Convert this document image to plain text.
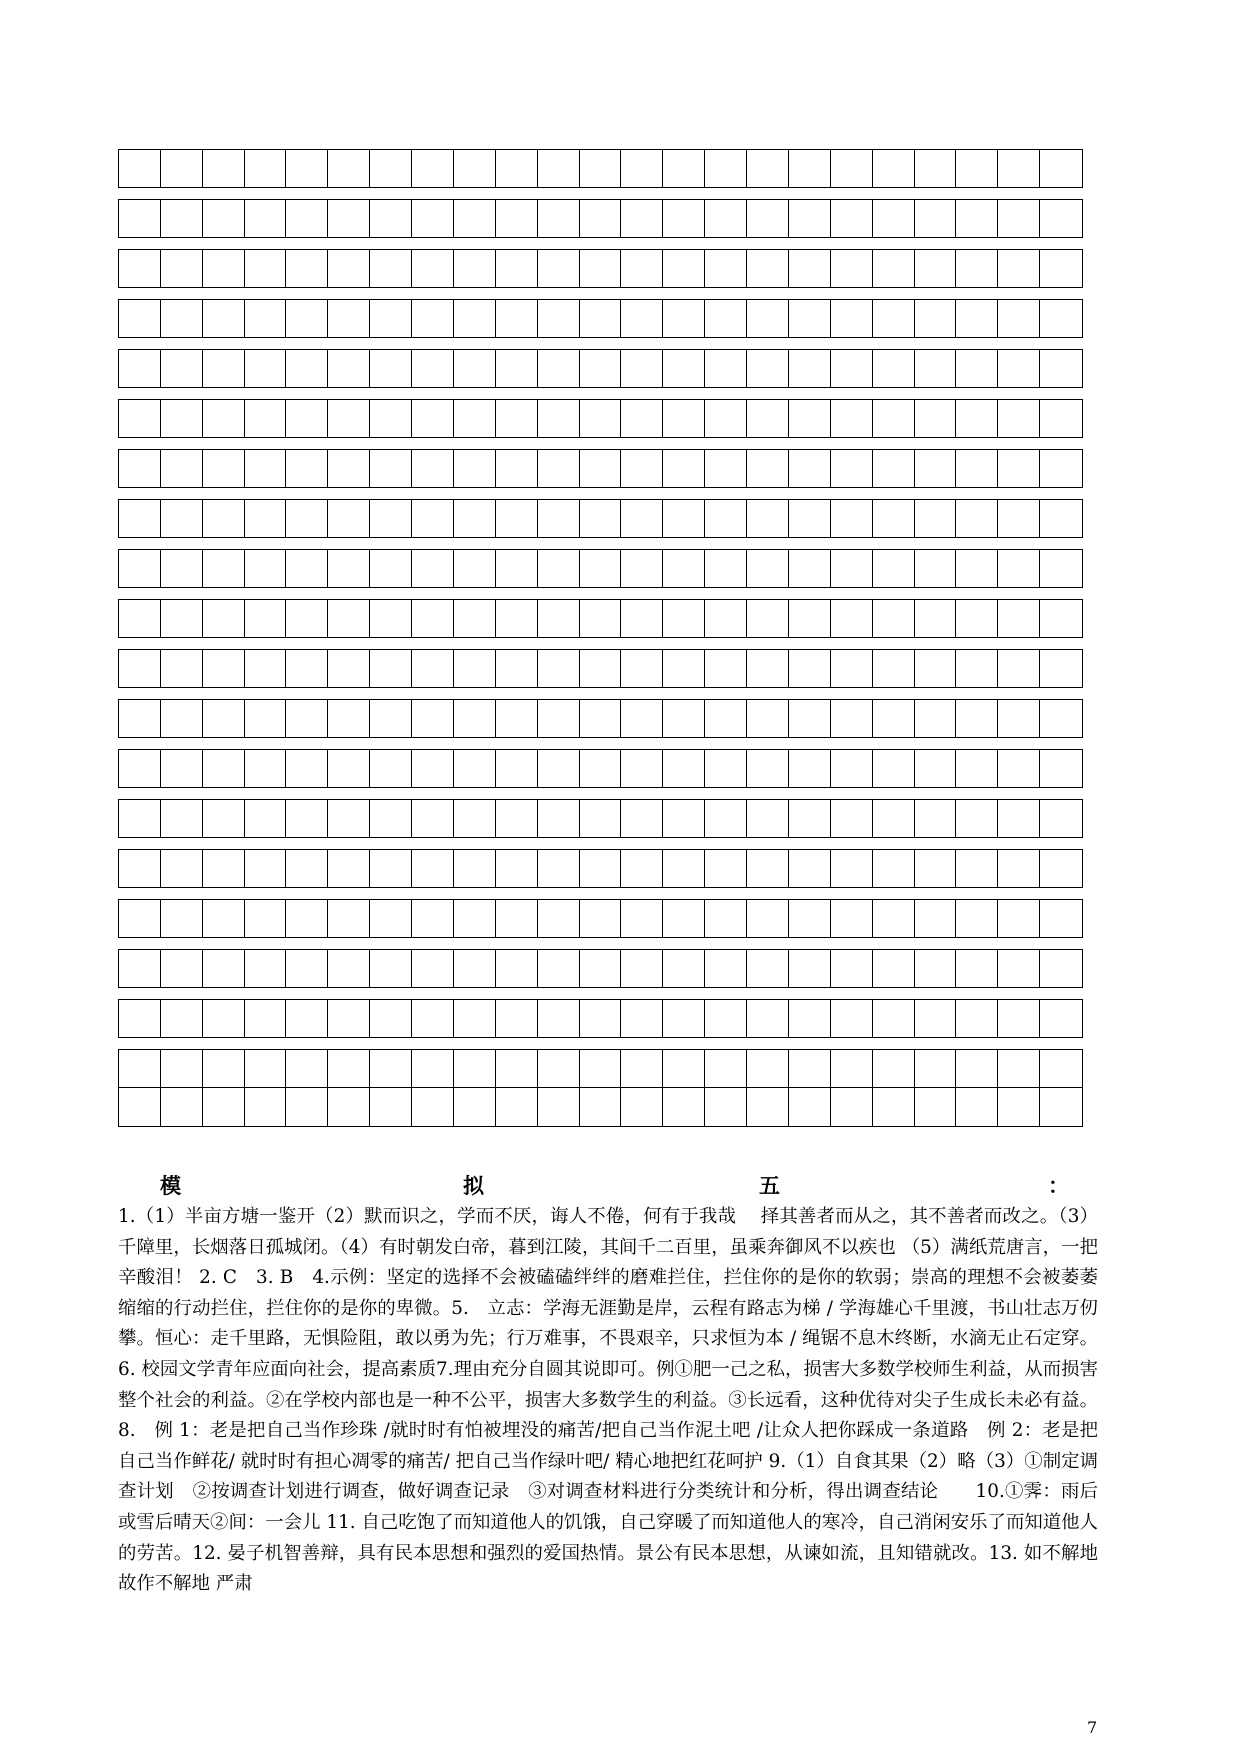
模	拟	五	：

1.（1）半亩方塘一鉴开（2）默而识之，学而不厌，诲人不倦，何有于我哉　 择其善者而从之，其不善者而改之。（3）千障里，长烟落日孤城闭。（4）有时朝发白帝，暮到江陵，其间千二百里，虽乘奔御风不以疾也 （5）满纸荒唐言，一把辛酸泪！ 2. C　3. B　4.示例：坚定的选择不会被磕磕绊绊的磨难拦住，拦住你的是你的软弱；崇高的理想不会被萎萎缩缩的行动拦住，拦住你的是你的卑微。5.　立志：学海无涯勤是岸，云程有路志为梯 / 学海雄心千里渡，书山壮志万仞攀。恒心：走千里路，无惧险阻，敢以勇为先；行万难事，不畏艰辛，只求恒为本 / 绳锯不息木终断，水滴无止石定穿。6. 校园文学青年应面向社会，提高素质7.理由充分自圆其说即可。例①肥一己之私，损害大多数学校师生利益，从而损害整个社会的利益。②在学校内部也是一种不公平，损害大多数学生的利益。③长远看，这种优待对尖子生成长未必有益。8.　例 1：老是把自己当作珍珠 /就时时有怕被埋没的痛苦/把自己当作泥土吧 /让众人把你踩成一条道路　例 2：老是把自己当作鲜花/ 就时时有担心凋零的痛苦/ 把自己当作绿叶吧/ 精心地把红花呵护 9.（1）自食其果（2）略（3）①制定调查计划　②按调查计划进行调查，做好调查记录　③对调查材料进行分类统计和分析，得出调查结论　　10.①霁：雨后或雪后晴天②间：一会儿 11. 自己吃饱了而知道他人的饥饿，自己穿暖了而知道他人的寒冷，自己消闲安乐了而知道他人的劳苦。12. 晏子机智善辩，具有民本思想和强烈的爱国热情。景公有民本思想，从谏如流，且知错就改。13. 如不解地 故作不解地 严肃

7
